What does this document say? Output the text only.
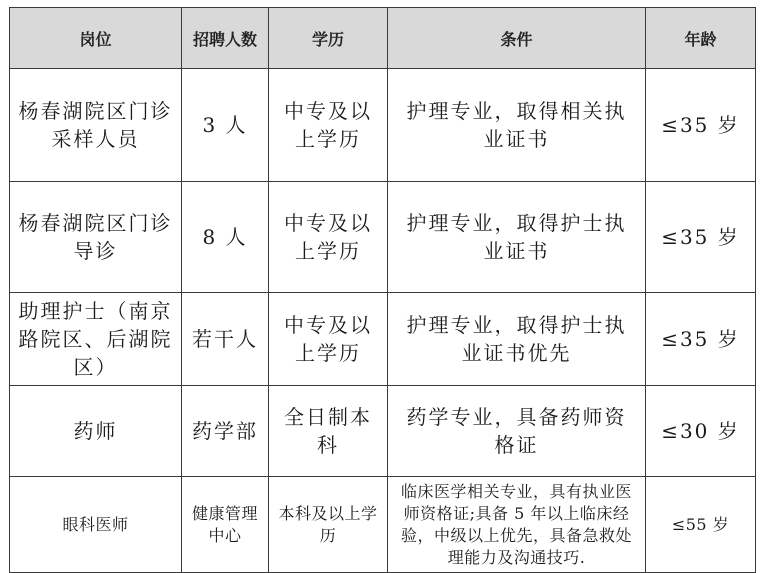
岗位	招聘人数	学历	条件	年龄
杨春湖院区门诊采样人员	3 人	中专及以上学历	护理专业，取得相关执业证书	≤35 岁
杨春湖院区门诊导诊	8 人	中专及以上学历	护理专业，取得护士执业证书	≤35 岁
助理护士（南京路院区、后湖院区）	若干人	中专及以上学历	护理专业，取得护士执业证书优先	≤35 岁
药师	药学部	全日制本科	药学专业，具备药师资格证	≤30 岁
眼科医师	健康管理中心	本科及以上学历	临床医学相关专业，具有执业医师资格证;具备 5 年以上临床经验，中级以上优先，具备急救处理能力及沟通技巧.	≤55 岁
